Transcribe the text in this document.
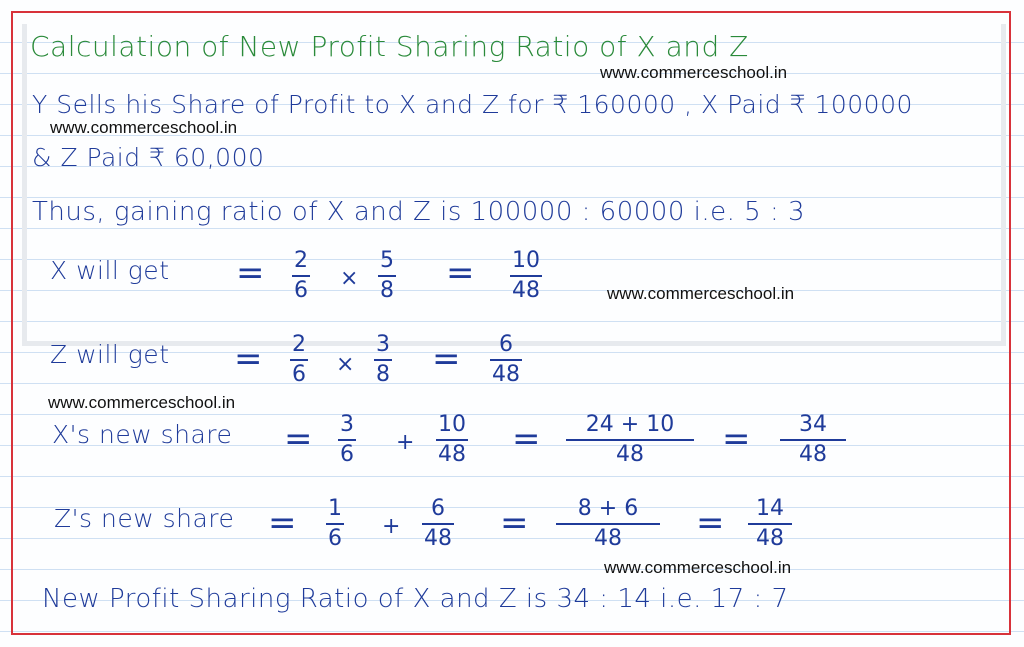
Calculation of New Profit Sharing Ratio of X and Z
www.commerceschool.in
www.commerceschool.in
www.commerceschool.in
www.commerceschool.in
www.commerceschool.in
Y Sells his Share of Profit to X and Z for ₹ 160000 , X Paid ₹ 100000
& Z Paid ₹ 60,000
Thus, gaining ratio of X and Z is 100000 : 60000 i.e. 5 : 3
X will get = 2
6 ×
5
8 = 10
48
Z will get = 2
6 ×
3
8 = 6
48
X's new share = 3
6 +
10
48 = 24 + 10
48 = 34
48
Z's new share = 1
6 +
6
48 = 8 + 6
48 = 14
48
New Profit Sharing Ratio of X and Z is 34 : 14 i.e. 17 : 7
